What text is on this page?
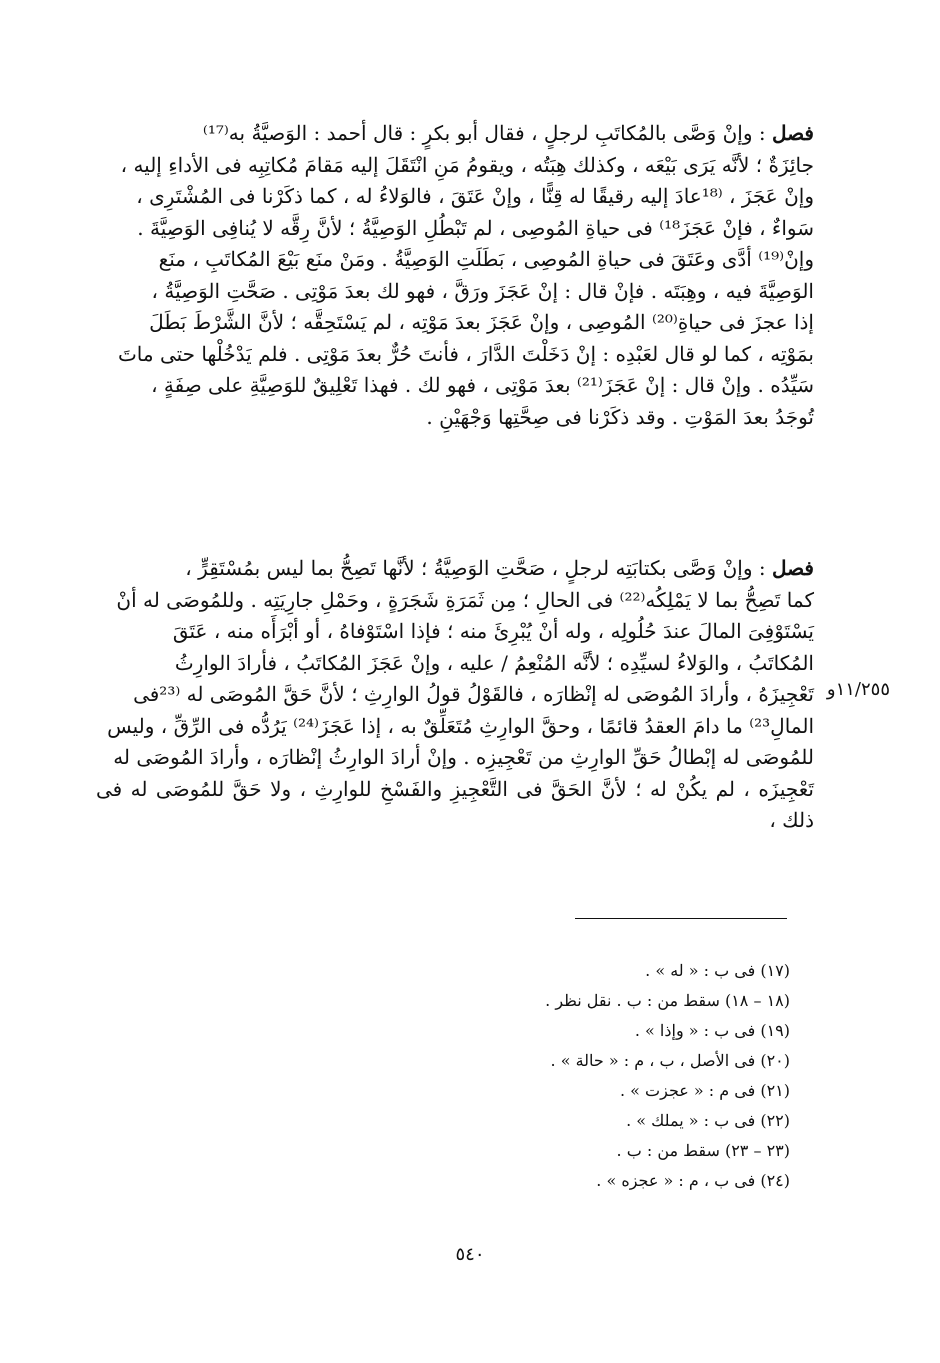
فصل : وإنْ وَصَّى بالمُكاتَبِ لرجلٍ ، فقال أبو بكرٍ : قال أحمد : الوَصيَّةُ به⁽¹⁷⁾
جائِزَةٌ ؛ لأنَّه يَرَى بَيْعَه ، وكذلك هِبَتُه ، ويقومُ مَنِ انْتَقَلَ إليه مَقامَ مُكاتِبِه فى الأداءِ إليه ،
وإنْ عَجَزَ ، ⁽¹⁸عادَ إليه رقيقًا له قِنًّا ، وإنْ عَتَقَ ، فالوَلاءُ له ، كما ذكَرْنا فى المُشْتَرِى ،
سَواءٌ ، فإنْ عَجَزَ¹⁸⁾ فى حياةِ المُوصِى ، لم تَبْطُلِ الوَصِيَّةُ ؛ لأنَّ رِقَّه لا يُنافِى الوَصِيَّةَ .
وإنْ⁽¹⁹⁾ أدَّى وعَتَقَ فى حياةِ المُوصِى ، بَطَلَتِ الوَصِيَّةُ . ومَنْ منَع بَيْعَ المُكاتَبِ ، منَع
الوَصِيَّةَ فيه ، وهِبَتَه . فإنْ قال : إنْ عَجَزَ ورَقَّ ، فهو لك بعدَ مَوْتِى . صَحَّتِ الوَصِيَّةُ ،
إذا عجزَ فى حياةِ⁽²⁰⁾ المُوصِى ، وإنْ عَجَزَ بعدَ مَوْتِه ، لم يَسْتَحِقَّه ؛ لأنَّ الشَّرْطَ بَطَلَ
بمَوْتِه ، كما لو قال لعَبْدِه : إنْ دَخَلْتَ الدَّارَ ، فأنتَ حُرٌّ بعدَ مَوْتِى . فلم يَدْخُلْها حتى ماتَ
سَيِّدُه . وإنْ قال : إنْ عَجَزَ⁽²¹⁾ بعدَ مَوْتِى ، فهو لك . فهذا تَعْلِيقٌ للوَصِيَّةِ على صِفَةٍ ،
تُوجَدُ بعدَ المَوْتِ . وقد ذكَرْنا فى صِحَّتِها وَجْهَيْنِ .
فصل : وإنْ وَصَّى بكتابَتِه لرجلٍ ، صَحَّتِ الوَصِيَّةُ ؛ لأنَّها تَصِحُّ بما ليس بمُسْتَقِرٍّ ،
كما تَصِحُّ بما لا يَمْلِكُه⁽²²⁾ فى الحالِ ؛ مِن ثَمَرَةِ شَجَرَةٍ ، وحَمْلِ جارِيَتِه . وللمُوصَى له أنْ
يَسْتَوْفِىَ المالَ عندَ حُلُولِه ، وله أنْ يُبْرِئَ منه ؛ فإذا اسْتَوْفاهُ ، أو أبْرَأَه منه ، عَتَقَ
المُكاتَبُ ، والوَلاءُ لسيِّدِه ؛ لأنَّه المُنْعِمُ / عليه ، وإنْ عَجَزَ المُكاتَبُ ، فأرادَ الوارِثُ
تَعْجِيزَهُ ، وأرادَ المُوصَى له إنْظارَه ، فالقَوْلُ قولُ الوارِثِ ؛ لأنَّ حَقَّ المُوصَى له ⁽²³فى
المالِ²³⁾ ما دامَ العقدُ قائمًا ، وحقَّ الوارِثِ مُتَعَلِّقٌ به ، إذا عَجَزَ⁽²⁴⁾ يَرُدُّه فى الرِّقِّ ، وليس
للمُوصَى له إبْطالُ حَقِّ الوارِثِ من تَعْجِيزِه . وإنْ أرادَ الوارِثُ إنْظارَه ، وأرادَ المُوصَى له
تَعْجِيزَه ، لم يكُنْ له ؛ لأنَّ الحَقَّ فى التَّعْجِيزِ والفَسْخِ للوارِثِ ، ولا حَقَّ للمُوصَى له فى ذلك ،
١١/٢٥٥و
(١٧) فى ب : « له » .
(١٨ – ١٨) سقط من : ب . نقل نظر .
(١٩) فى ب : « وإذا » .
(٢٠) فى الأصل ، ب ، م : « حالة » .
(٢١) فى م : « عجزت » .
(٢٢) فى ب : « يملك » .
(٢٣ – ٢٣) سقط من : ب .
(٢٤) فى ب ، م : « عجزه » .
٥٤٠
